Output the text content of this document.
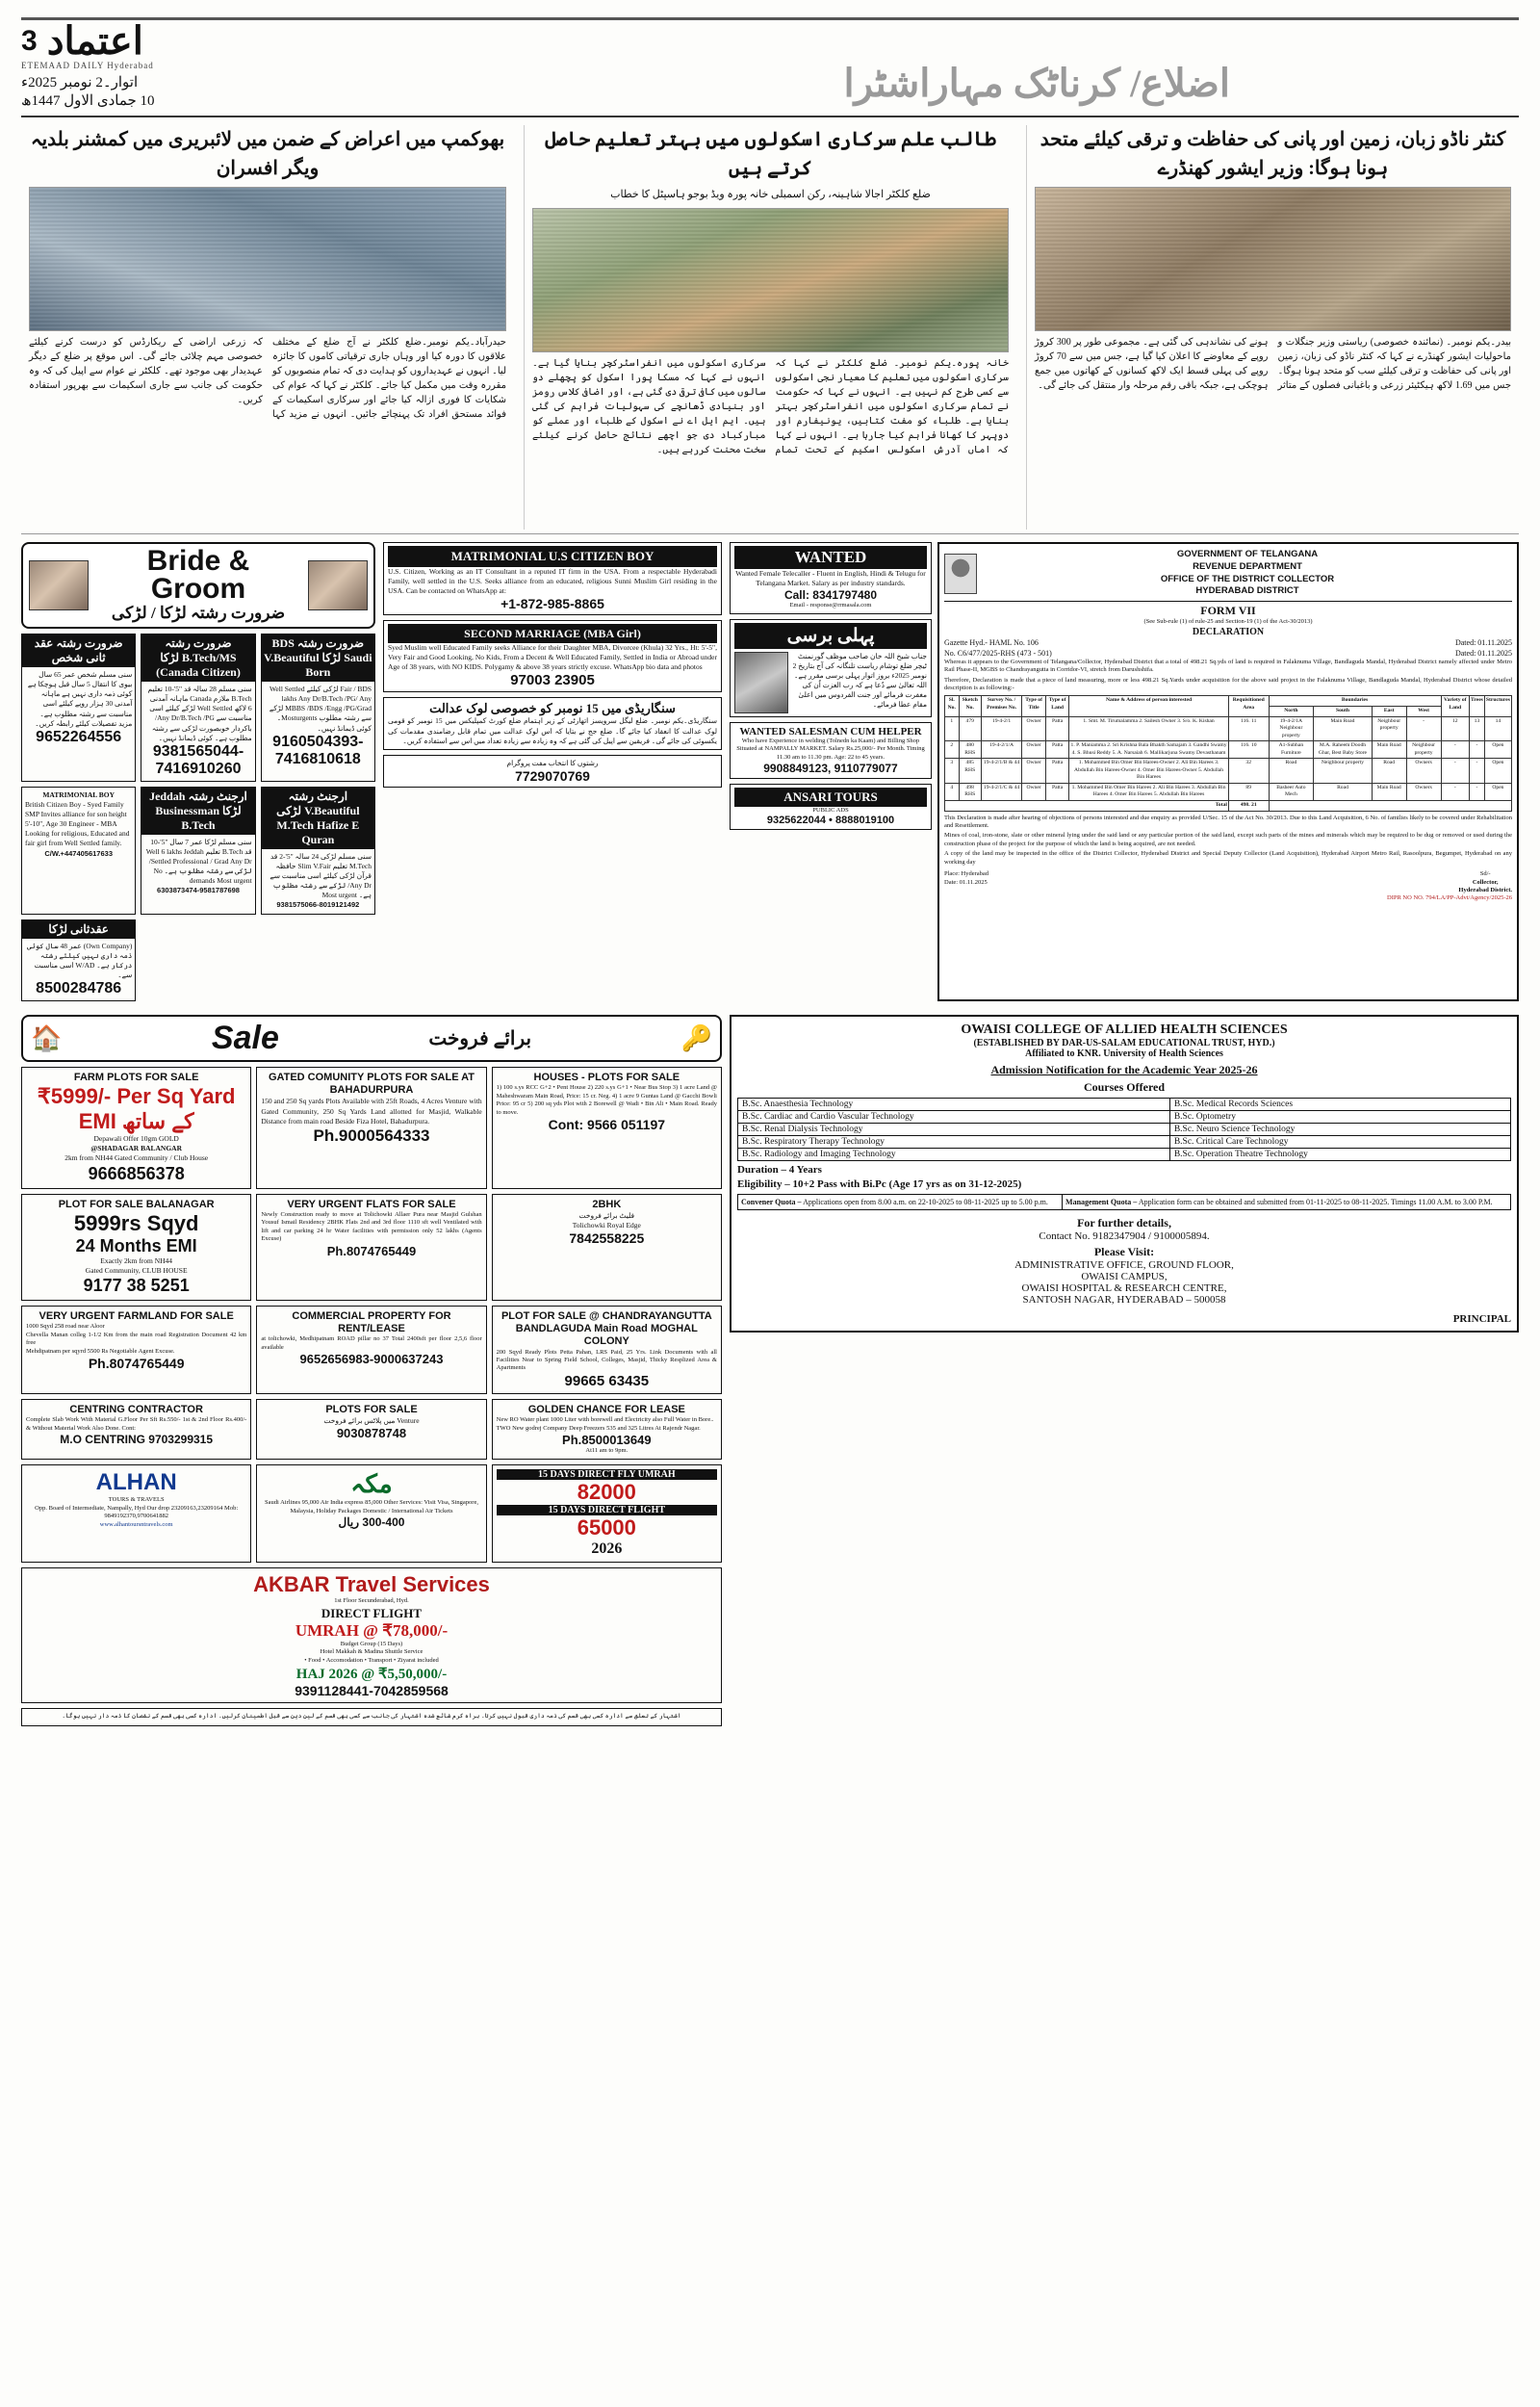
3 اعتماد
ETEMAAD DAILY Hyderabad
اتوار۔2 نومبر 2025ء
10 جمادی الاول 1447ھ	اضلاع/ کرناٹک مہاراشٹرا
بھوکمپ میں اعراض کے ضمن میں لائبریری میں کمشنر بلدیہ ویگر افسران
حیدرآباد۔یکم نومبر۔ضلع کلکٹر نے آج ضلع کے مختلف علاقوں کا دورہ کیا اور وہاں جاری ترقیاتی کاموں کا جائزہ لیا۔ انہوں نے عہدیداروں کو ہدایت دی کہ تمام منصوبوں کو مقررہ وقت میں مکمل کیا جائے۔ کلکٹر نے کہا کہ عوام کی شکایات کا فوری ازالہ کیا جائے اور سرکاری اسکیمات کے فوائد مستحق افراد تک پہنچائے جائیں۔ انہوں نے مزید کہا کہ زرعی اراضی کے ریکارڈس کو درست کرنے کیلئے خصوصی مہم چلائی جائے گی۔ اس موقع پر ضلع کے دیگر عہدیدار بھی موجود تھے۔ کلکٹر نے عوام سے اپیل کی کہ وہ حکومت کی جانب سے جاری اسکیمات سے بھرپور استفادہ کریں۔
طالب علم سرکاری اسکولوں میں بہتر تعلیم حاصل کرتے ہیں
ضلع کلکٹر اجالا شاہینہ، رکن اسمبلی خانہ پورہ ویڈ بوجو ہاسپٹل کا خطاب
خانہ پورہ۔یکم نومبر۔ ضلع کلکٹر نے کہا کہ سرکاری اسکولوں میں تعلیم کا معیار نجی اسکولوں سے کسی طرح کم نہیں ہے۔ انہوں نے کہا کہ حکومت نے تمام سرکاری اسکولوں میں انفراسٹرکچر بہتر بنایا ہے۔ طلباء کو مفت کتابیں، یونیفارم اور دوپہر کا کھانا فراہم کیا جارہا ہے۔ انہوں نے کہا کہ اماں آدرش اسکولس اسکیم کے تحت تمام سرکاری اسکولوں میں انفراسٹرکچر بنایا گیا ہے۔ انہوں نے کہا کہ مسکا پورا اسکول کو پچھلے دو سالوں میں کافی ترقی دی گئی ہے، اور اضافی کلاس رومز اور بنیادی ڈھانچے کی سہولیات فراہم کی گئی ہیں۔ ایم ایل اے نے اسکول کے طلباء اور عملے کو مبارکباد دی جو اچھے نتائج حاصل کرنے کیلئے سخت محنت کررہے ہیں۔
کنٹر ناڈو زبان، زمین اور پانی کی حفاظت و ترقی کیلئے متحد ہونا ہوگا: وزیر ایشور کھنڈرے
بیدر۔یکم نومبر۔ (نمائندہ خصوصی) ریاستی وزیر جنگلات و ماحولیات ایشور کھنڈرے نے کہا کہ کنٹر ناڈو کی زبان، زمین اور پانی کی حفاظت و ترقی کیلئے سب کو متحد ہونا ہوگا۔ جس میں 1.69 لاکھ ہیکٹیئر زرعی و باغبانی فصلوں کے متاثر ہونے کی نشاندہی کی گئی ہے۔ مجموعی طور پر 300 کروڑ روپے کے معاوضے کا اعلان کیا گیا ہے، جس میں سے 70 کروڑ روپے کی پہلی قسط ایک لاکھ کسانوں کے کھاتوں میں جمع ہوچکی ہے، جبکہ باقی رقم مرحلہ وار منتقل کی جائے گی۔
Bride & Groom
ضرورت رشتہ لڑکا / لڑکی
ضرورت رشتہ عقد ثانی شخص
سنی مسلم شخص عمر 65 سال بیوی کا انتقال 5 سال قبل ہوچکا ہے کوئی ذمہ داری نہیں ہے ماہانہ آمدنی 30 ہزار روپے کیلئے اسی مناسبت سے رشتہ مطلوب ہے۔ مزید تفصیلات کیلئے رابطہ کریں۔
9652264556
ضرورت رشتہ B.Tech/MS لڑکا (Canada Citizen)
سنی مسلم 28 سالہ قد "5'-10 تعلیم B.Tech ملازم Canada ماہانہ آمدنی 6 لاکھ Well Settled لڑکے کیلئے اسی مناسبت سے Any Dr/B.Tech /PG/ باکردار خوبصورت لڑکی سے رشتہ مطلوب ہے۔ کوئی ڈیمانڈ نہیں۔
9381565044-7416910260
ضرورت رشتہ BDS Saudi لڑکا V.Beautiful Born
Fair / BDS لڑکی کیلئے Well Settled lakhs Any Dr/B.Tech /PG/ Any MBBS /BDS /Engg /PG/Grad لڑکے سے رشتہ مطلوب Mosturgents۔ کوئی ڈیمانڈ نہیں۔
9160504393-7416810618
MATRIMONIAL BOY
British Citizen Boy - Syed Family SMP Invites alliance for son height 5'-10", Age 30 Engineer - MBA Looking for religious, Educated and fair girl from Well Settled family.
C/W.+447405617633
ارجنٹ رشتہ Jeddah لڑکا Businessman B.Tech
سنی مسلم لڑکا عمر 7 سال "5'-10 قد B.Tech تعلیم Well 6 lakhs Jeddah Settled Professional / Grad Any Dr/ لڑکی سے رشتہ مطلوب ہے۔ No demands Most urgent
6303873474-9581787698
ارجنٹ رشتہ V.Beautiful لڑکی M.Tech Hafize E Quran
سنی مسلم لڑکی 24 سالہ "5'-2 قد M.Tech تعلیم Slim V.Fair حافظہ قرآن لڑکی کیلئے اسی مناسبت سے Any Dr/ لڑکے سے رشتہ مطلوب ہے۔ Most urgent
9381575066-8019121492
عقدثانی لڑکا
(Own Company) عمر 48 سال کوئی ذمہ داری نہیں کیلئے رشتہ درکار ہے۔ W/AD اسی مناسبت سے۔
8500284786
MATRIMONIAL U.S CITIZEN BOY
U.S. Citizen, Working as an IT Consultant in a reputed IT firm in the USA. From a respectable Hyderabadi Family, well settled in the U.S. Seeks alliance from an educated, religious Sunni Muslim Girl residing in the USA. Can be contacted on WhatsApp at:
+1-872-985-8865
SECOND MARRIAGE (MBA Girl)
Syed Muslim well Educated Family seeks Alliance for their Daughter MBA, Divorcee (Khula) 32 Yrs., Ht: 5'-5", Very Fair and Good Looking, No Kids, From a Decent & Well Educated Family, Settled in India or Abroad under Age of 38 years, with NO KIDS. Polygamy & above 38 years strictly excuse. WhatsApp bio data and photos
97003 23905
سنگاریڈی میں 15 نومبر کو خصوصی لوک عدالت
سنگاریڈی۔یکم نومبر۔ ضلع لیگل سرویسز اتھارٹی کے زیر اہتمام ضلع کورٹ کمپلیکس میں 15 نومبر کو قومی لوک عدالت کا انعقاد کیا جائے گا۔ ضلع جج نے بتایا کہ اس لوک عدالت میں تمام قابل رضامندی مقدمات کی یکسوئی کی جائے گی۔ فریقین سے اپیل کی گئی ہے کہ وہ زیادہ سے زیادہ تعداد میں اس سے استفادہ کریں۔
رشتوں کا انتخاب مفت پروگرام
7729070769
WANTED
Wanted Female Telecaller - Fluent in English, Hindi & Telugu for Telangana Market. Salary as per industry standards.
Call: 8341797480
Email - response@rrmasala.com
پہلی برسی
جناب شیخ اللہ خان صاحب موظف گورنمنٹ ٹیچر ضلع توشام ریاست تلنگانہ کی آج بتاریخ 2 نومبر 2025ء بروز اتوار پہلی برسی مقرر ہے۔ اللہ تعالیٰ سے دُعا ہے کہ رب العزت اُن کی مغفرت فرمائے اور جنت الفردوس میں اعلیٰ مقام عطا فرمائے۔
WANTED SALESMAN CUM HELPER
Who have Experience in welding (Tolnedn ka Kaam) and Billing Shop Situated at NAMPALLY MARKET. Salary Rs.25,000/- Per Month. Timing 11.30 am to 11.30 pm. Age: 22 to 45 years.
9908849123, 9110779077
ANSARI TOURS
PUBLIC ADS
9325622044 • 8888019100
GOVERNMENT OF TELANGANA
REVENUE DEPARTMENT
OFFICE OF THE DISTRICT COLLECTOR
HYDERABAD DISTRICT
FORM VII
(See Sub-rule (1) of rule-25 and Section-19 (1) of the Act-30/2013)
DECLARATION
Gazette Hyd.- HAML No. 106	Dated: 01.11.2025
No. C6/477/2025-RHS (473 - 501)	Dated: 01.11.2025
Whereas it appears to the Government of Telangana/Collector, Hyderabad District that a total of 498.21 Sq.yds of land is required in Falaknuma Village, Bandlaguda Mandal, Hyderabad District namely affected under Metro Rail Phase-II, MGBS to Chandrayangutta in Corridor-VI, stretch from Darushshifa.
Therefore, Declaration is made that a piece of land measuring, more or less 498.21 Sq.Yards under acquisition for the above said project in the Falaknuma Village, Bandlaguda Mandal, Hyderabad District whose detailed description is as following:-
Sl. No.	Sketch No.	Survey No. / Premises No.	Type of Title	Type of Land	Name & Address of person interested	Requisitioned Area	Boundaries				Variety of Land	Trees	Structures
							North	South	East	West			
1	479	19-4-2/1	Owner	Patta	1. Smt. M. Tirumalamma 2. Sailesh Owner 3. S/o. K. Kishan	116. 11	19-4-2/1A Neighbour property	Main Road	Neighbour property	-	12	13	14
2	480 RHS	19-4-2/1/A	Owner	Patta	1. P. Maniamma 2. Sri Krishna Bala Bhakth Samajam 3. Gandhi Swamy 4. S. Bhusi Reddy 5. A. Narsaiah 6. Mallikarjuna Swamy Devasthanam	116. 10	A1-Subhan Furniture	M.A. Raheem Doodh Ghar, Best Baby Store	Main Road	Neighbour property	-	-	Open
3	485 RHS	19-4-2/1/B & 44	Owner	Patta	1. Mohammed Bin Omer Bin Harees-Owner 2. Ali Bin Harees 3. Abdullah Bin Harees-Owner 4. Omer Bin Harees-Owner 5. Abdullah Bin Harees	32	Road	Neighbour property	Road	Owners	-	-	Open
4	498 RHS	19-4-2/1/C & 44	Owner	Patta	1. Mohammed Bin Omer Bin Harees 2. Ali Bin Harees 3. Abdullah Bin Harees 4. Omer Bin Harees 5. Abdullah Bin Harees	89	Basheer Auto Mech	Road	Main Road	Owners	-	-	Open
Total						498. 21							
This Declaration is made after hearing of objections of persons interested and due enquiry as provided U/Sec. 15 of the Act No. 30/2013. Due to this Land Acquisition, 6 No. of families likely to be covered under Rehabilitation and Resettlement.
Mines of coal, iron-stone, slate or other mineral lying under the said land or any particular portion of the said land, except such parts of the mines and minerals which may be required to be dug or removed or used during the construction phase of the project for the purpose of which the land is being acquired, are not needed.
A copy of the land may be inspected in the office of the District Collector, Hyderabad District and Special Deputy Collector (Land Acquisition), Hyderabad Airport Metro Rail, Rasoolpura, Begumpet, Hyderabad on any working day
Place: Hyderabad
Date: 01.11.2025
Sd/-
Collector,
Hyderabad District.
DIPR NO NO. 794/LA/PP-Advt/Agency/2025-26
🏠	Sale	برائے فروخت	🔑
FARM PLOTS FOR SALE
₹5999/- Per Sq Yard EMI کے ساتھ
Depawali Offer 10gm GOLD
@SHADAGAR BALANGAR
2km from NH44 Gated Community / Club House
9666856378
GATED COMUNITY PLOTS FOR SALE AT BAHADURPURA
150 and 250 Sq yards Plots Available with 25ft Roads, 4 Acres Venture with Gated Community, 250 Sq Yards Land allotted for Masjid, Walkable Distance from main road Beside Fiza Hotel, Bahadurpura.
Ph.9000564333
HOUSES - PLOTS FOR SALE
1) 100 s.ys RCC G+2 • Pent House 2) 220 s.ys G+1 • Near Bus Stop 3) 1 acre Land @ Maheshwaram Main Road, Price: 15 cr. Neg. 4) 1 acre 9 Guntas Land @ Gacchi Bowli Price: 95 cr 5) 200 sq yds Plot with 2 Borewell @ Wadi • Bin Ali • Main Road. Ready to move.
Cont: 9566 051197
PLOT FOR SALE BALANAGAR
5999rs Sqyd
24 Months EMI
Exactly 2km from NH44
Gated Community, CLUB HOUSE
9177 38 5251
VERY URGENT FLATS FOR SALE
Newly Construction ready to move at Tolichowki Allaer Pura near Masjid Gulshan Yousuf Ismail Residency 2BHK Flats 2nd and 3rd floor 1110 sft well Ventilated with lift and car parking 24 hr Water facilities with permission only 52 lakhs (Agents Excuse)
Ph.8074765449
2BHK
فلیٹ برائے فروخت
Tolichowki Royal Edge
7842558225
VERY URGENT FARMLAND FOR SALE
1000 Sqyd 258 road near Aloor
Chevella Manan colleg 1-1/2 Km from the main road Registration Document 42 km free
Mehdipatnam per sqyrd 5500 Rs Negotiable Agent Excuse.
Ph.8074765449
COMMERCIAL PROPERTY FOR RENT/LEASE
at tolichowki, Medhipatnam ROAD pillar no 37 Total 2400sft per floor 2,5,6 floor available
9652656983-9000637243
PLOT FOR SALE @ CHANDRAYANGUTTA BANDLAGUDA Main Road MOGHAL COLONY
200 Sqyd Ready Plots Petta Pahan, LRS Paid, 25 Yrs. Link Documents with all Facilities Near to Spring Field School, Colleges, Masjid, Thicky Resplized Area & Apartments
99665 63435
CENTRING CONTRACTOR
Complete Slab Work With Material G.Floor Per Sft Rs.550/- 1st & 2nd Floor Rs.400/- & Without Material Work Also Done. Cont:
M.O CENTRING 9703299315
PLOTS FOR SALE
Venture میں پلاٹس برائے فروخت
9030878748
GOLDEN CHANCE FOR LEASE
New RO Water plant 1000 Liter with borewell and Electricity also Full Water in Bore..
TWO New godrej Company Deep Freezers 535 and 325 Litres At Rajendr Nagar.
Ph.8500013649
At11 am to 9pm.
ALHAN
TOURS & TRAVELS
Opp. Board of Intermediate, Nampally, Hyd Our drop 23209163,23209164 Mob: 9849192370,9700641882
www.alhantoursntravels.com
مکہ
Saudi Airlines 95,000 Air India express 85,000 Other Services: Visit Visa, Singapore, Malaysia, Holiday Packages Domestic / International Air Tickets
300-400 ریال
15 DAYS DIRECT FLY UMRAH
82000
15 DAYS DIRECT FLIGHT
65000
2026
AKBAR Travel Services
1st Floor Secunderabad, Hyd.
DIRECT FLIGHT
UMRAH @ ₹78,000/-
Budget Group (15 Days)
Hotel Makkah & Madina Shuttle Service
• Food • Accomodation • Transport • Ziyarat included
HAJ 2026 @ ₹5,50,000/-
9391128441-7042859568
اشتہار کے تعلق سے ادارہ کسی بھی قسم کی ذمہ داری قبول نہیں کرتا۔ براہ کرم شائع شدہ اشتہار کی جانب سے کسی بھی قسم کے لین دین سے قبل اطمینان کرلیں۔ ادارہ کسی بھی قسم کے نقصان کا ذمہ دار نہیں ہوگا۔
OWAISI COLLEGE OF ALLIED HEALTH SCIENCES
(ESTABLISHED BY DAR-US-SALAM EDUCATIONAL TRUST, HYD.)
Affiliated to KNR. University of Health Sciences
Admission Notification for the Academic Year 2025-26
Courses Offered
B.Sc. Anaesthesia Technology	B.Sc. Medical Records Sciences
B.Sc. Cardiac and Cardio Vascular Technology	B.Sc. Optometry
B.Sc. Renal Dialysis Technology	B.Sc. Neuro Science Technology
B.Sc. Respiratory Therapy Technology	B.Sc. Critical Care Technology
B.Sc. Radiology and Imaging Technology	B.Sc. Operation Theatre Technology
Duration – 4 Years
Eligibility – 10+2 Pass with Bi.Pc (Age 17 yrs as on 31-12-2025)
Convener Quota – Applications open from 8.00 a.m. on 22-10-2025 to 08-11-2025 up to 5.00 p.m.	Management Quota – Application form can be obtained and submitted from 01-11-2025 to 08-11-2025. Timings 11.00 A.M. to 3.00 P.M.
For further details,
Contact No. 9182347904 / 9100005894.
Please Visit:
ADMINISTRATIVE OFFICE, GROUND FLOOR,
OWAISI CAMPUS,
OWAISI HOSPITAL & RESEARCH CENTRE,
SANTOSH NAGAR, HYDERABAD – 500058
PRINCIPAL
